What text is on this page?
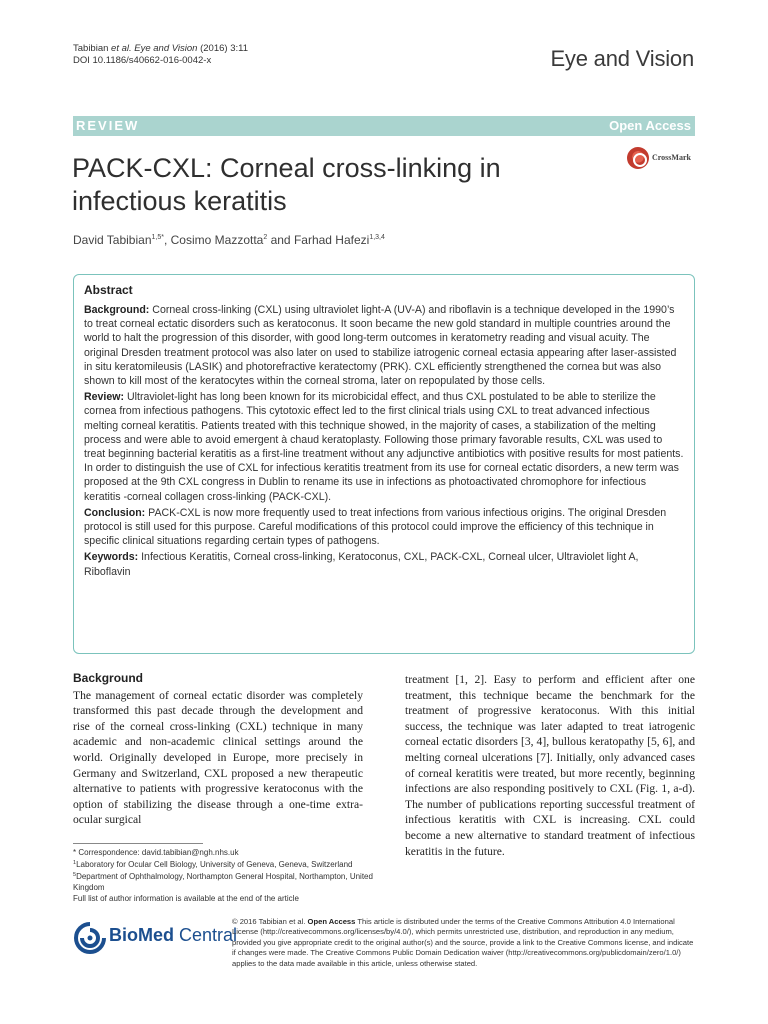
Tabibian et al. Eye and Vision (2016) 3:11
DOI 10.1186/s40662-016-0042-x	Eye and Vision
REVIEW	Open Access
PACK-CXL: Corneal cross-linking in infectious keratitis
CrossMark
David Tabibian$^{1,5*}$, Cosimo Mazzotta$^2$ and Farhad Hafezi$^{1,3,4}$
Abstract

Background: Corneal cross-linking (CXL) using ultraviolet light-A (UV-A) and riboflavin is a technique developed in the 1990’s to treat corneal ectatic disorders such as keratoconus. It soon became the new gold standard in multiple countries around the world to halt the progression of this disorder, with good long-term outcomes in keratometry reading and visual acuity. The original Dresden treatment protocol was also later on used to stabilize iatrogenic corneal ectasia appearing after laser-assisted in situ keratomileusis (LASIK) and photorefractive keratectomy (PRK). CXL efficiently strengthened the cornea but was also shown to kill most of the keratocytes within the corneal stroma, later on repopulated by those cells.

Review: Ultraviolet-light has long been known for its microbicidal effect, and thus CXL postulated to be able to sterilize the cornea from infectious pathogens. This cytotoxic effect led to the first clinical trials using CXL to treat advanced infectious melting corneal keratitis. Patients treated with this technique showed, in the majority of cases, a stabilization of the melting process and were able to avoid emergent à chaud keratoplasty. Following those primary favorable results, CXL was used to treat beginning bacterial keratitis as a first-line treatment without any adjunctive antibiotics with positive results for most patients. In order to distinguish the use of CXL for infectious keratitis treatment from its use for corneal ectatic disorders, a new term was proposed at the 9th CXL congress in Dublin to rename its use in infections as photoactivated chromophore for infectious keratitis -corneal collagen cross-linking (PACK-CXL).

Conclusion: PACK-CXL is now more frequently used to treat infections from various infectious origins. The original Dresden protocol is still used for this purpose. Careful modifications of this protocol could improve the efficiency of this technique in specific clinical situations regarding certain types of pathogens.

Keywords: Infectious Keratitis, Corneal cross-linking, Keratoconus, CXL, PACK-CXL, Corneal ulcer, Ultraviolet light A, Riboflavin

Background
The management of corneal ectatic disorder was completely transformed this past decade through the development and rise of the corneal cross-linking (CXL) technique in many academic and non-academic clinical settings around the world. Originally developed in Europe, more precisely in Germany and Switzerland, CXL proposed a new therapeutic alternative to patients with progressive keratoconus with the option of stabilizing the disease through a one-time extra-ocular surgical
treatment [1, 2]. Easy to perform and efficient after one treatment, this technique became the benchmark for the treatment of progressive keratoconus. With this initial success, the technique was later adapted to treat iatrogenic corneal ectatic disorders [3, 4], bullous keratopathy [5, 6], and melting corneal ulcerations [7]. Initially, only advanced cases of corneal keratitis were treated, but more recently, beginning infections are also responding positively to CXL (Fig. 1, a-d). The number of publications reporting successful treatment of infectious keratitis with CXL is increasing. CXL could become a new alternative to standard treatment of infectious keratitis in the future.
* Correspondence: david.tabibian@ngh.nhs.uk
$^1$Laboratory for Ocular Cell Biology, University of Geneva, Geneva, Switzerland
$^5$Department of Ophthalmology, Northampton General Hospital, Northampton, United Kingdom
Full list of author information is available at the end of the article
BioMed Central
© 2016 Tabibian et al. Open Access This article is distributed under the terms of the Creative Commons Attribution 4.0 International License (http://creativecommons.org/licenses/by/4.0/), which permits unrestricted use, distribution, and reproduction in any medium, provided you give appropriate credit to the original author(s) and the source, provide a link to the Creative Commons license, and indicate if changes were made. The Creative Commons Public Domain Dedication waiver (http://creativecommons.org/publicdomain/zero/1.0/) applies to the data made available in this article, unless otherwise stated.
